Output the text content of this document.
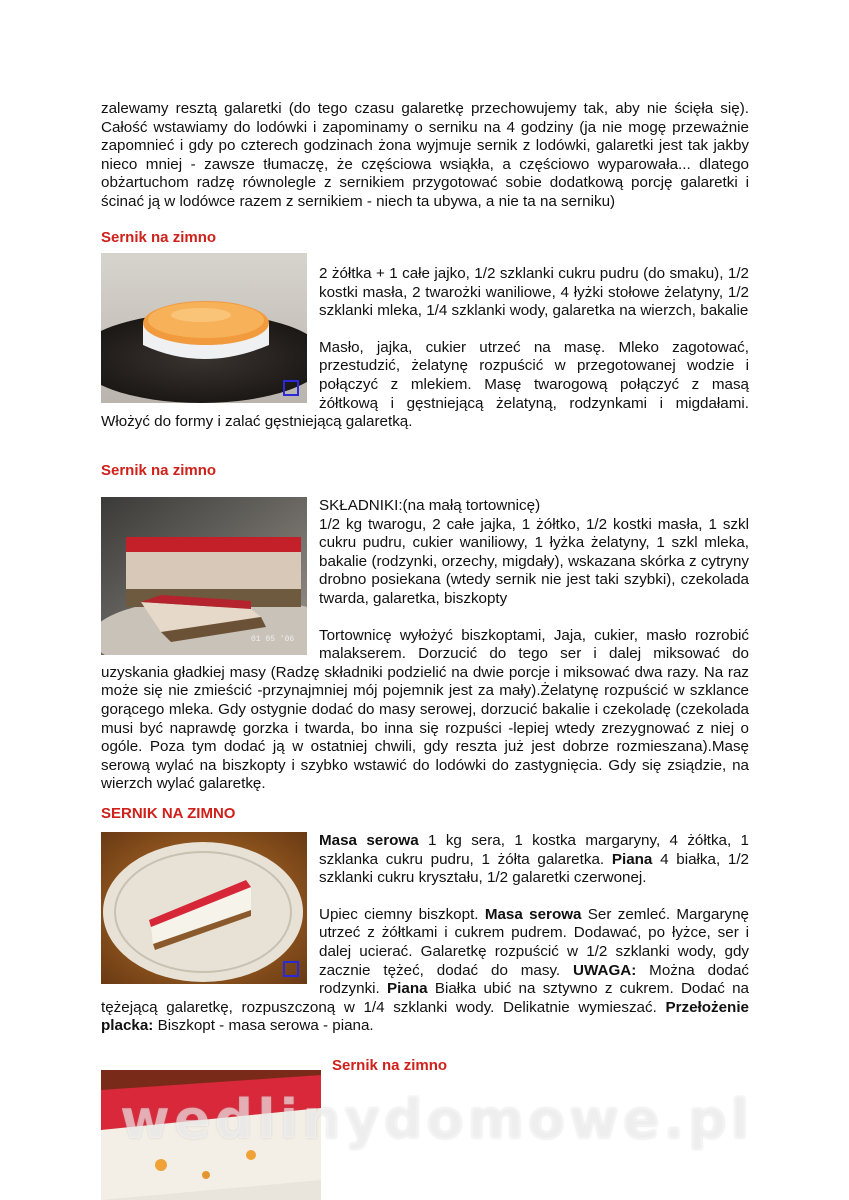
zalewamy resztą galaretki (do tego czasu galaretkę przechowujemy tak, aby nie ścięła się). Całość wstawiamy do lodówki i zapominamy o serniku na 4 godziny (ja nie mogę przeważnie zapomnieć i gdy po czterech godzinach żona wyjmuje sernik z lodówki, galaretki jest tak jakby nieco mniej - zawsze tłumaczę, że częściowa wsiąkła, a częściowo wyparowała... dlatego obżartuchom radzę równolegle z sernikiem przygotować sobie dodatkową porcję galaretki i ścinać ją w lodówce razem z sernikiem - niech ta ubywa, a nie ta na serniku)

Sernik na zimno

2 żółtka + 1 całe jajko, 1/2 szklanki cukru pudru (do smaku), 1/2 kostki masła, 2 twarożki waniliowe, 4 łyżki stołowe żelatyny, 1/2 szklanki mleka, 1/4 szklanki wody, galaretka na wierzch, bakalie

Masło, jajka, cukier utrzeć na masę. Mleko zagotować, przestudzić, żelatynę rozpuścić w przegotowanej wodzie i połączyć z mlekiem. Masę twarogową połączyć z masą żółtkową i gęstniejącą żelatyną, rodzynkami i migdałami. Włożyć do formy i zalać gęstniejącą galaretką.

Sernik na zimno
01 05 '06

SKŁADNIKI:(na małą tortownicę)
1/2 kg twarogu, 2 całe jajka, 1 żółtko, 1/2 kostki masła, 1 szkl cukru pudru, cukier waniliowy, 1 łyżka żelatyny, 1 szkl mleka, bakalie (rodzynki, orzechy, migdały), wskazana skórka z cytryny drobno posiekana (wtedy sernik nie jest taki szybki), czekolada twarda, galaretka, biszkopty

Tortownicę wyłożyć biszkoptami, Jaja, cukier, masło rozrobić malakserem. Dorzucić do tego ser i dalej miksować do uzyskania gładkiej masy (Radzę składniki podzielić na dwie porcje i miksować dwa razy. Na raz może się nie zmieścić -przynajmniej mój pojemnik jest za mały).Żelatynę rozpuścić w szklance gorącego mleka. Gdy ostygnie dodać do masy serowej, dorzucić bakalie i czekoladę (czekolada musi być naprawdę gorzka i twarda, bo inna się rozpuści -lepiej wtedy zrezygnować z niej o ogóle. Poza tym dodać ją w ostatniej chwili, gdy reszta już jest dobrze rozmieszana).Masę serową wylać na biszkopty i szybko wstawić do lodówki do zastygnięcia. Gdy się zsiądzie, na wierzch wylać galaretkę.

SERNIK NA ZIMNO

Masa serowa 1 kg sera, 1 kostka margaryny, 4 żółtka, 1 szklanka cukru pudru, 1 żółta galaretka. Piana 4 białka, 1/2 szklanki cukru kryształu, 1/2 galaretki czerwonej.

Upiec ciemny biszkopt. Masa serowa Ser zemleć. Margarynę utrzeć z żółtkami i cukrem pudrem. Dodawać, po łyżce, ser i dalej ucierać. Galaretkę rozpuścić w 1/2 szklanki wody, gdy zacznie tężeć, dodać do masy. UWAGA: Można dodać rodzynki. Piana Białka ubić na sztywno z cukrem. Dodać na tężejącą galaretkę, rozpuszczoną w 1/4 szklanki wody. Delikatnie wymieszać. Przełożenie placka: Biszkopt - masa serowa - piana.

Sernik na zimno
wedlinydomowe.pl
